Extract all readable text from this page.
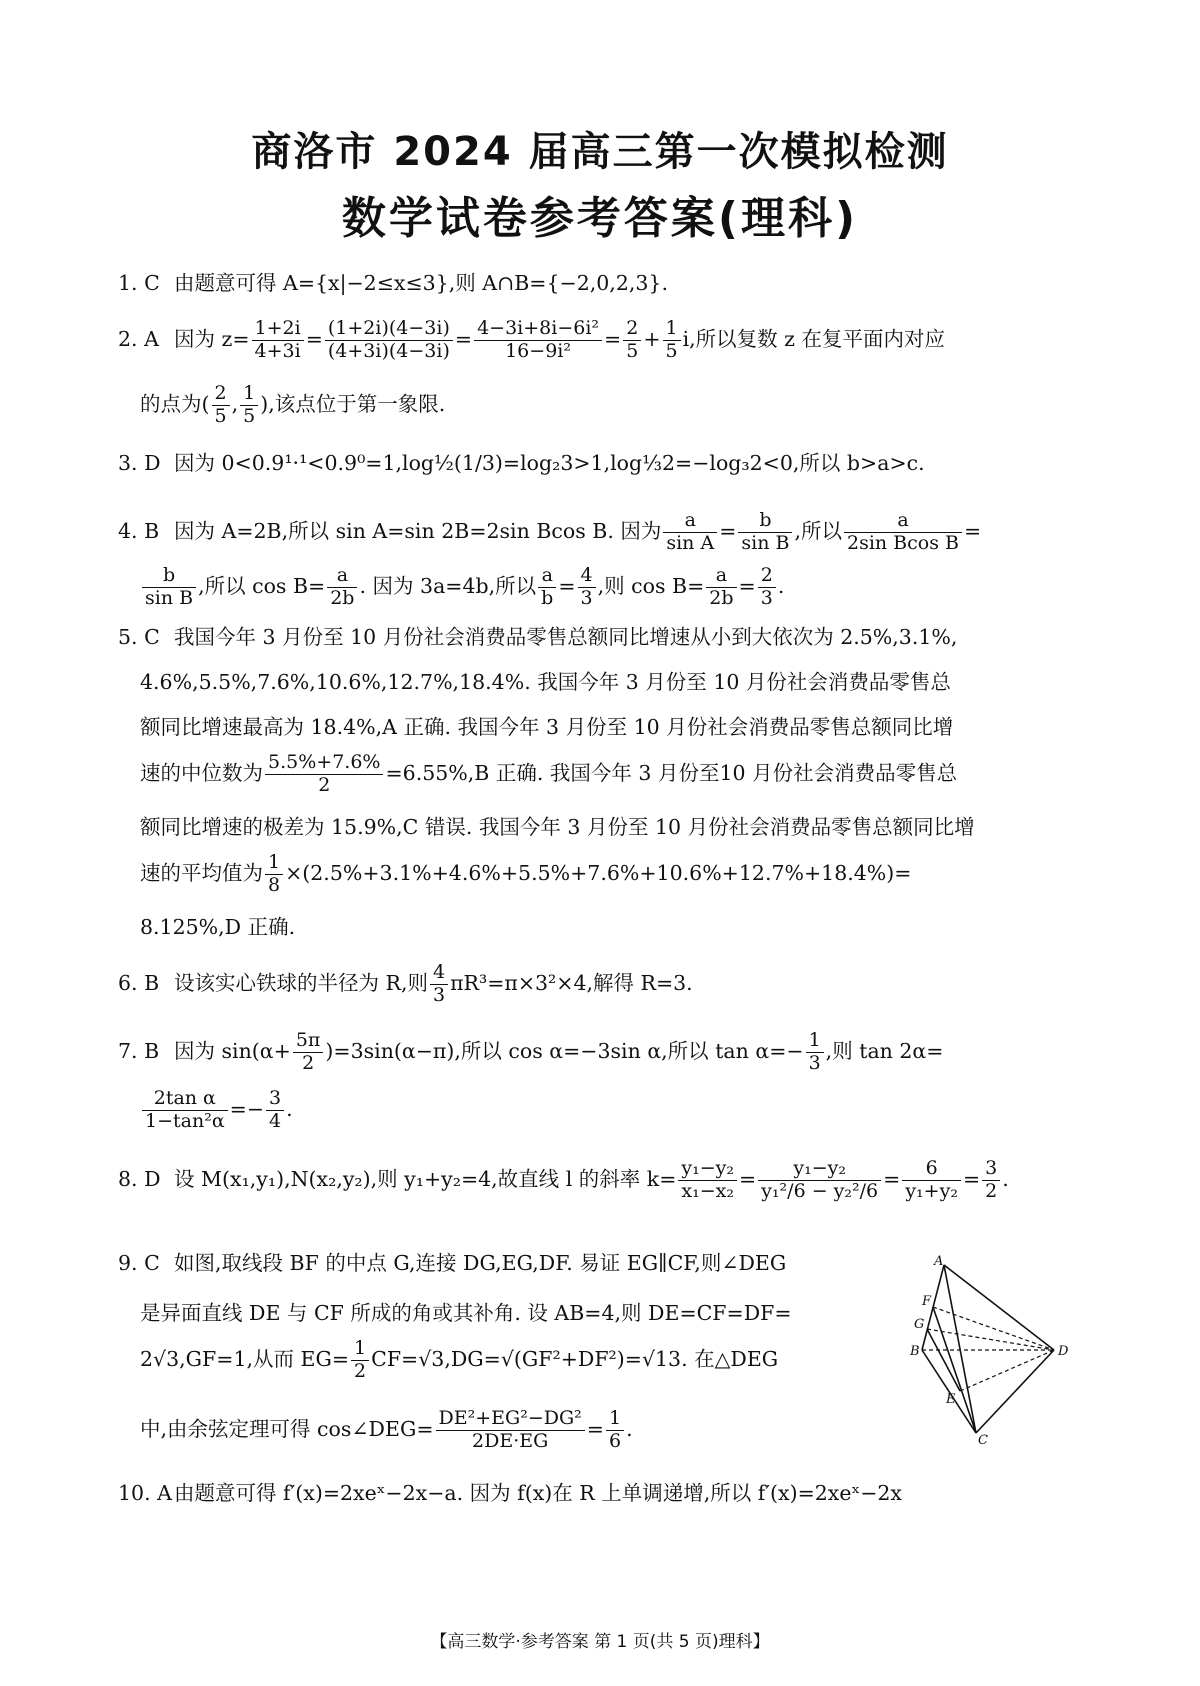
商洛市 2024 届高三第一次模拟检测
数学试卷参考答案(理科)
1. C 由题意可得 A={x|−2≤x≤3},则 A∩B={−2,0,2,3}.
2. A 因为 $z= \frac{1+2i}{4+3i} = \frac{(1+2i)(4-3i)}{(4+3i)(4-3i)} = \frac{\text{4−3i+8i−6i²}}{\text{16−9i²}} = \frac{2}{5} + \frac{1}{5} i$,所以复数 z 在复平面内对应
的点为( $\frac{2}{5}$ , $\frac{1}{5}$ ),该点位于第一象限.
3. D 因为 0<0.9¹·¹<0.9⁰=1,log½(1/3)=log₂3>1,log⅓2=−log₃2<0,所以 b>a>c.
4. B 因为 A=2B,所以 sin A=sin 2B=2sin Bcos B. 因为 $\frac{a}{\text{sin A}} = \frac{b}{\text{sin B}}$ ,所以 $\frac{a}{\text{2sin Bcos B}}$ =
$\frac{b}{\text{sin B}}$ ,所以 $\cos B= \frac{a}{2b}$ . 因为 3a=4b,所以 $\frac{a}{b} = \frac{4}{3}$ ,则 $\cos B= \frac{a}{2b} = \frac{2}{3}$ .
5. C 我国今年 3 月份至 10 月份社会消费品零售总额同比增速从小到大依次为 2.5%,3.1%,
4.6%,5.5%,7.6%,10.6%,12.7%,18.4%. 我国今年 3 月份至 10 月份社会消费品零售总
额同比增速最高为 18.4%,A 正确. 我国今年 3 月份至 10 月份社会消费品零售总额同比增
速的中位数为 $\frac{5.5\%+7.6\%}{2} =6.55\%,B$ 正确. 我国今年 3 月份至10 月份社会消费品零售总
额同比增速的极差为 15.9%,C 错误. 我国今年 3 月份至 10 月份社会消费品零售总额同比增
速的平均值为 $\frac{1}{8} \times(2.5\%+3.1\%+4.6\%+5.5\%+7.6\%+10.6\%+12.7\%+18.4\%)=$
8.125%,D 正确.
6. B 设该实心铁球的半径为 R,则 $\frac{4}{3} \pi R^3=\pi\times 3^2\times 4$,解得 R=3.
7. B 因为 $\sin(\alpha+ \frac{5\pi}{2} )=3\sin(\alpha-\pi)$,所以 cos α=−3sin α,所以 $\tan \alpha=- \frac{1}{3}$ ,则 tan 2α=
$\frac{\text{2tan α}}{\text{1−tan²α}} =- \frac{3}{4}$ .
8. D 设 M(x₁,y₁),N(x₂,y₂),则 y₁+y₂=4,故直线 l 的斜率 $k= \frac{\text{y₁−y₂}}{\text{x₁−x₂}} = \frac{\text{y₁−y₂}}{\text{y₁²/6 − y₂²/6}} = \frac{6}{\text{y₁+y₂}} = \frac{3}{2}$ .
9. C 如图,取线段 BF 的中点 G,连接 DG,EG,DF. 易证 EG∥CF,则∠DEG
是异面直线 DE 与 CF 所成的角或其补角. 设 AB=4,则 DE=CF=DF=
2√3,GF=1,从而 $EG= \frac{1}{2} CF=√3,DG=√(GF^2+DF^2)=√13$. 在△DEG
中,由余弦定理可得 cos∠DEG= $\frac{\text{DE²+EG²−DG²}}{2DE\cdot EG} = \frac{1}{6}$ .
A
F
G
B	D
E
C
10. A 由题意可得 f′(x)=2xeˣ−2x−a. 因为 f(x)在 R 上单调递增,所以 f′(x)=2xeˣ−2x
【高三数学·参考答案 第 1 页(共 5 页)理科】
